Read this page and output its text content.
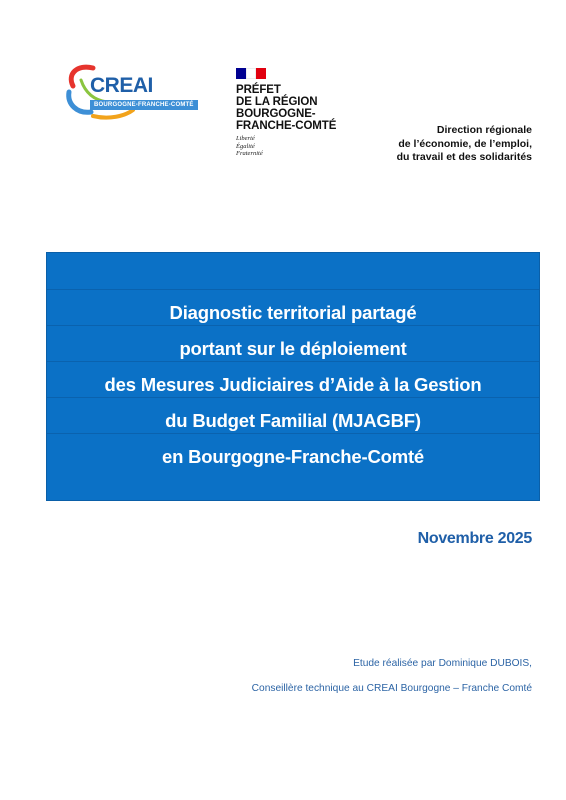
CREAI
BOURGOGNE-FRANCHE-COMTÉ
PRÉFET
DE LA RÉGION
BOURGOGNE-
FRANCHE-COMTÉ
Liberté
Égalité
Fraternité
Direction régionale
de l’économie, de l’emploi,
du travail et des solidarités
Diagnostic territorial partagé
portant sur le déploiement
des Mesures Judiciaires d’Aide à la Gestion
du Budget Familial (MJAGBF)
en Bourgogne-Franche-Comté
Novembre 2025
Etude réalisée par Dominique DUBOIS,
Conseillère technique au CREAI Bourgogne – Franche Comté
